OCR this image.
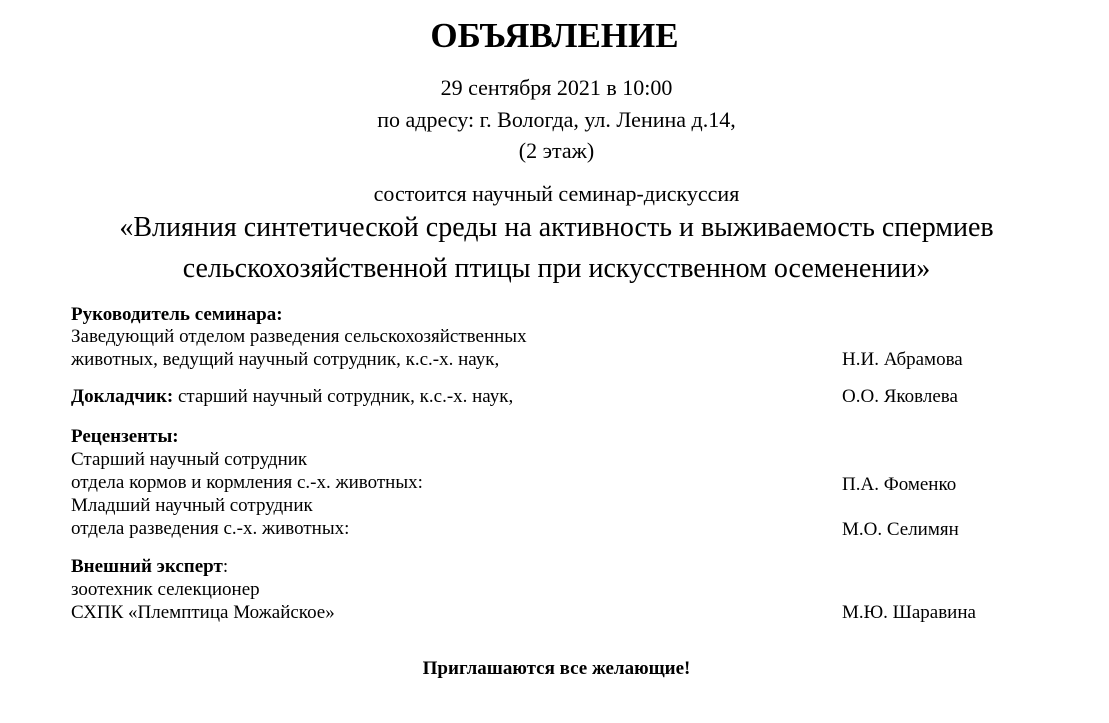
ОБЪЯВЛЕНИЕ
29 сентября 2021 в 10:00
по адресу: г. Вологда, ул. Ленина д.14,
(2 этаж)
состоится научный семинар-дискуссия
«Влияния синтетической среды на активность и выживаемость спермиев
сельскохозяйственной птицы при искусственном осеменении»
Руководитель семинара:
Заведующий отделом разведения сельскохозяйственных
животных, ведущий научный сотрудник, к.с.-х. наук,	Н.И. Абрамова
Докладчик: старший научный сотрудник, к.с.-х. наук,	О.О. Яковлева
Рецензенты:
Старший научный сотрудник
отдела кормов и кормления с.-х. животных:	П.А. Фоменко
Младший научный сотрудник
отдела разведения с.-х. животных:	М.О. Селимян
Внешний эксперт:
зоотехник селекционер
СХПК «Племптица Можайское»	М.Ю. Шаравина
Приглашаются все желающие!
